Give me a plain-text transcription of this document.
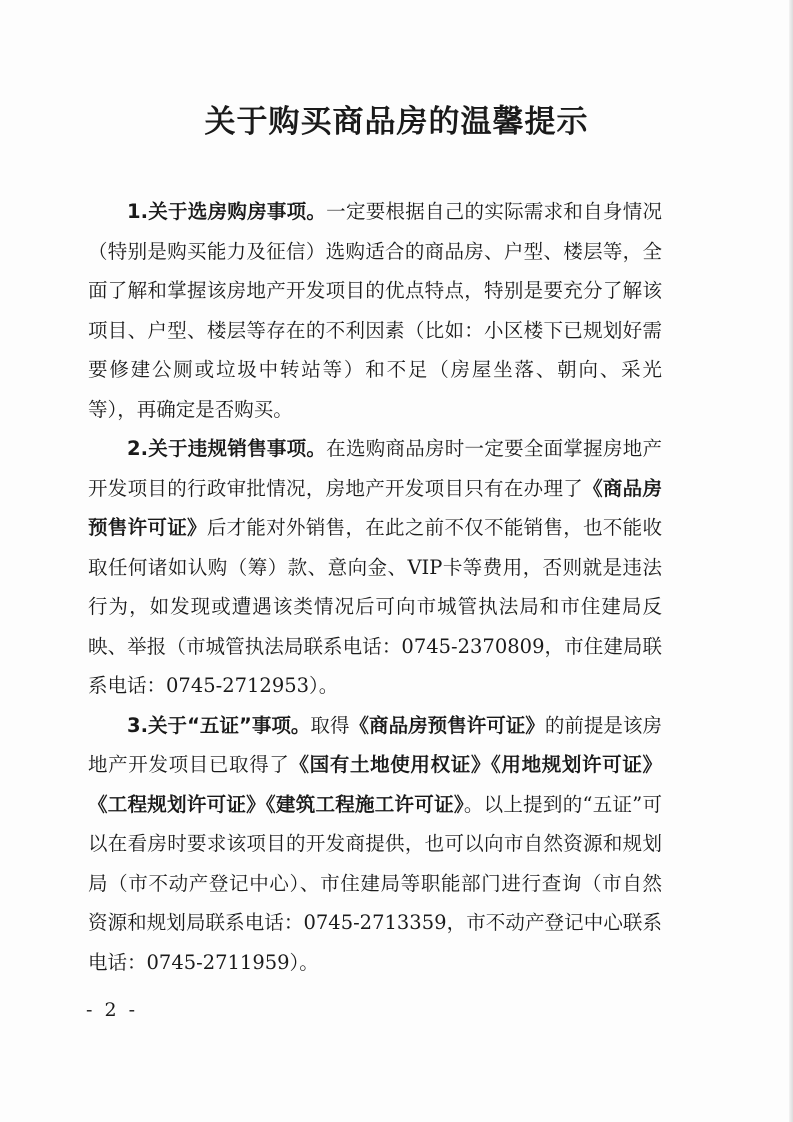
关于购买商品房的温馨提示

1.关于选房购房事项。一定要根据自己的实际需求和自身情况（特别是购买能力及征信）选购适合的商品房、户型、楼层等，全面了解和掌握该房地产开发项目的优点特点，特别是要充分了解该项目、户型、楼层等存在的不利因素（比如：小区楼下已规划好需要修建公厕或垃圾中转站等）和不足（房屋坐落、朝向、采光等），再确定是否购买。

2.关于违规销售事项。在选购商品房时一定要全面掌握房地产开发项目的行政审批情况，房地产开发项目只有在办理了《商品房预售许可证》后才能对外销售，在此之前不仅不能销售，也不能收取任何诸如认购（筹）款、意向金、VIP卡等费用，否则就是违法行为，如发现或遭遇该类情况后可向市城管执法局和市住建局反映、举报（市城管执法局联系电话：0745-2370809，市住建局联系电话：0745-2712953）。

3.关于“五证”事项。取得《商品房预售许可证》的前提是该房地产开发项目已取得了《国有土地使用权证》《用地规划许可证》《工程规划许可证》《建筑工程施工许可证》。以上提到的“五证”可以在看房时要求该项目的开发商提供，也可以向市自然资源和规划局（市不动产登记中心）、市住建局等职能部门进行查询（市自然资源和规划局联系电话：0745-2713359，市不动产登记中心联系电话：0745-2711959）。

- 2 -
